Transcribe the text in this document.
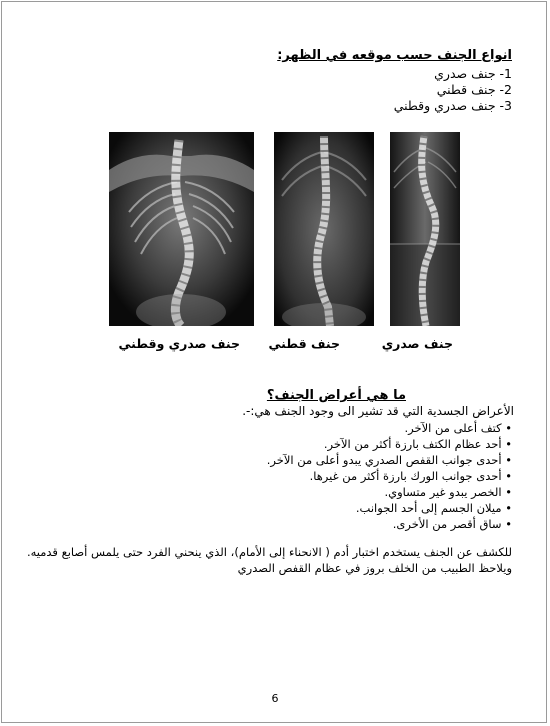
انواع الجنف حسب موقعه في الظهر:
1- جنف صدري
2- جنف قطني
3- جنف صدري وقطني
جنف صدري وقطني جنف قطني	جنف صدري
ما هي أعراض الجنف؟
الأعراض الجسدية التي قد تشير الى وجود الجنف هي:-.
• كتف أعلى من الآخر.
• أحد عظام الكتف بارزة أكثر من الآخر.
• أحدى جوانب القفص الصدري يبدو أعلى من الآخر.
• أحدى جوانب الورك بارزة أكثر من غيرها.
• الخصر يبدو غير متساوي.
• ميلان الجسم إلى أحد الجوانب.
• ساق أقصر من الأخرى.
للكشف عن الجنف يستخدم اختبار أدم ( الانحناء إلى الأمام)، الذي ينحني الفرد حتى يلمس أصابع قدميه.
ويلاحظ الطبيب من الخلف بروز في عظام القفص الصدري
6
